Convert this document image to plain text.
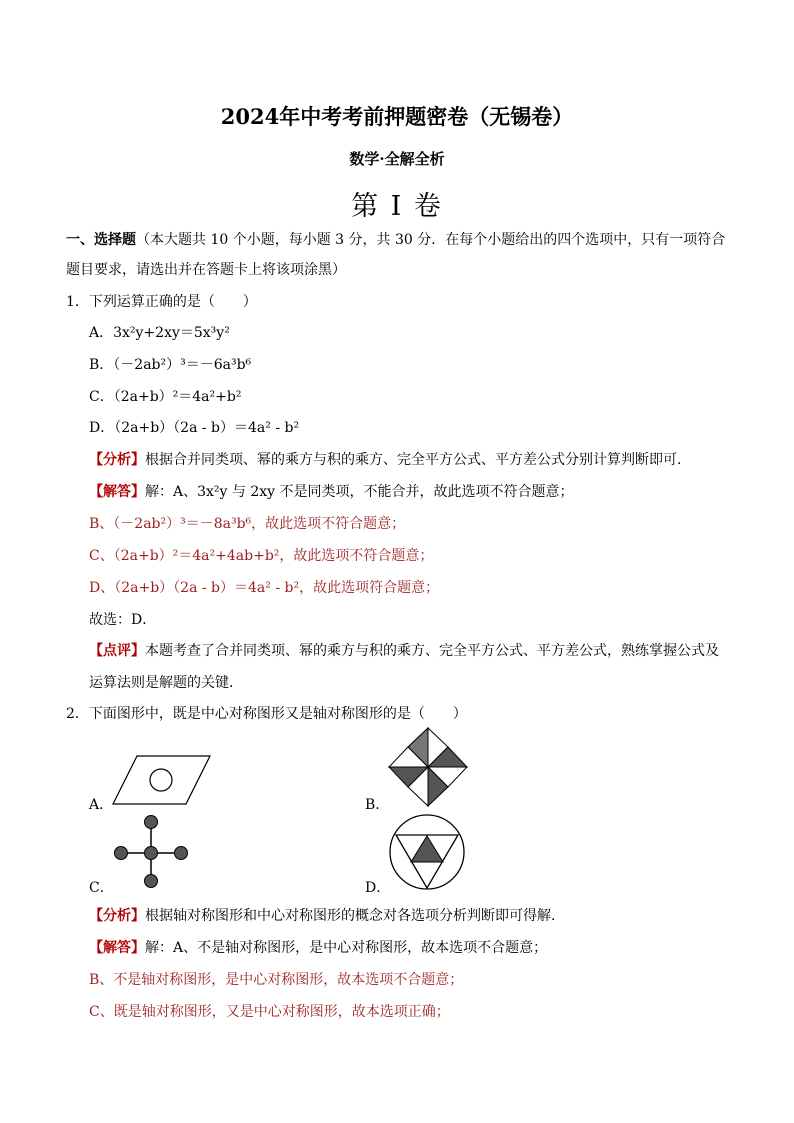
2024年中考考前押题密卷（无锡卷）
数学·全解全析
第 I 卷
一、选择题（本大题共 10 个小题，每小题 3 分，共 30 分．在每个小题给出的四个选项中，只有一项符合
题目要求，请选出并在答题卡上将该项涂黑）
1．下列运算正确的是（　　）
A．3x²y+2xy＝5x³y²
B．（－2ab²）³＝－6a³b⁶
C．（2a+b）²＝4a²+b²
D．（2a+b）（2a - b）＝4a² - b²
【分析】根据合并同类项、幂的乘方与积的乘方、完全平方公式、平方差公式分别计算判断即可．
【解答】解：A、3x²y 与 2xy 不是同类项，不能合并，故此选项不符合题意；
B、（－2ab²）³＝－8a³b⁶，故此选项不符合题意；
C、（2a+b）²＝4a²+4ab+b²，故此选项不符合题意；
D、（2a+b）（2a - b）＝4a² - b²，故此选项符合题意；
故选：D．
【点评】本题考查了合并同类项、幂的乘方与积的乘方、完全平方公式、平方差公式，熟练掌握公式及
运算法则是解题的关键．
2．下面图形中，既是中心对称图形又是轴对称图形的是（　　）
A．	B．
C．	D．
【分析】根据轴对称图形和中心对称图形的概念对各选项分析判断即可得解．
【解答】解：A、不是轴对称图形，是中心对称图形，故本选项不合题意；
B、不是轴对称图形，是中心对称图形，故本选项不合题意；
C、既是轴对称图形，又是中心对称图形，故本选项正确；
